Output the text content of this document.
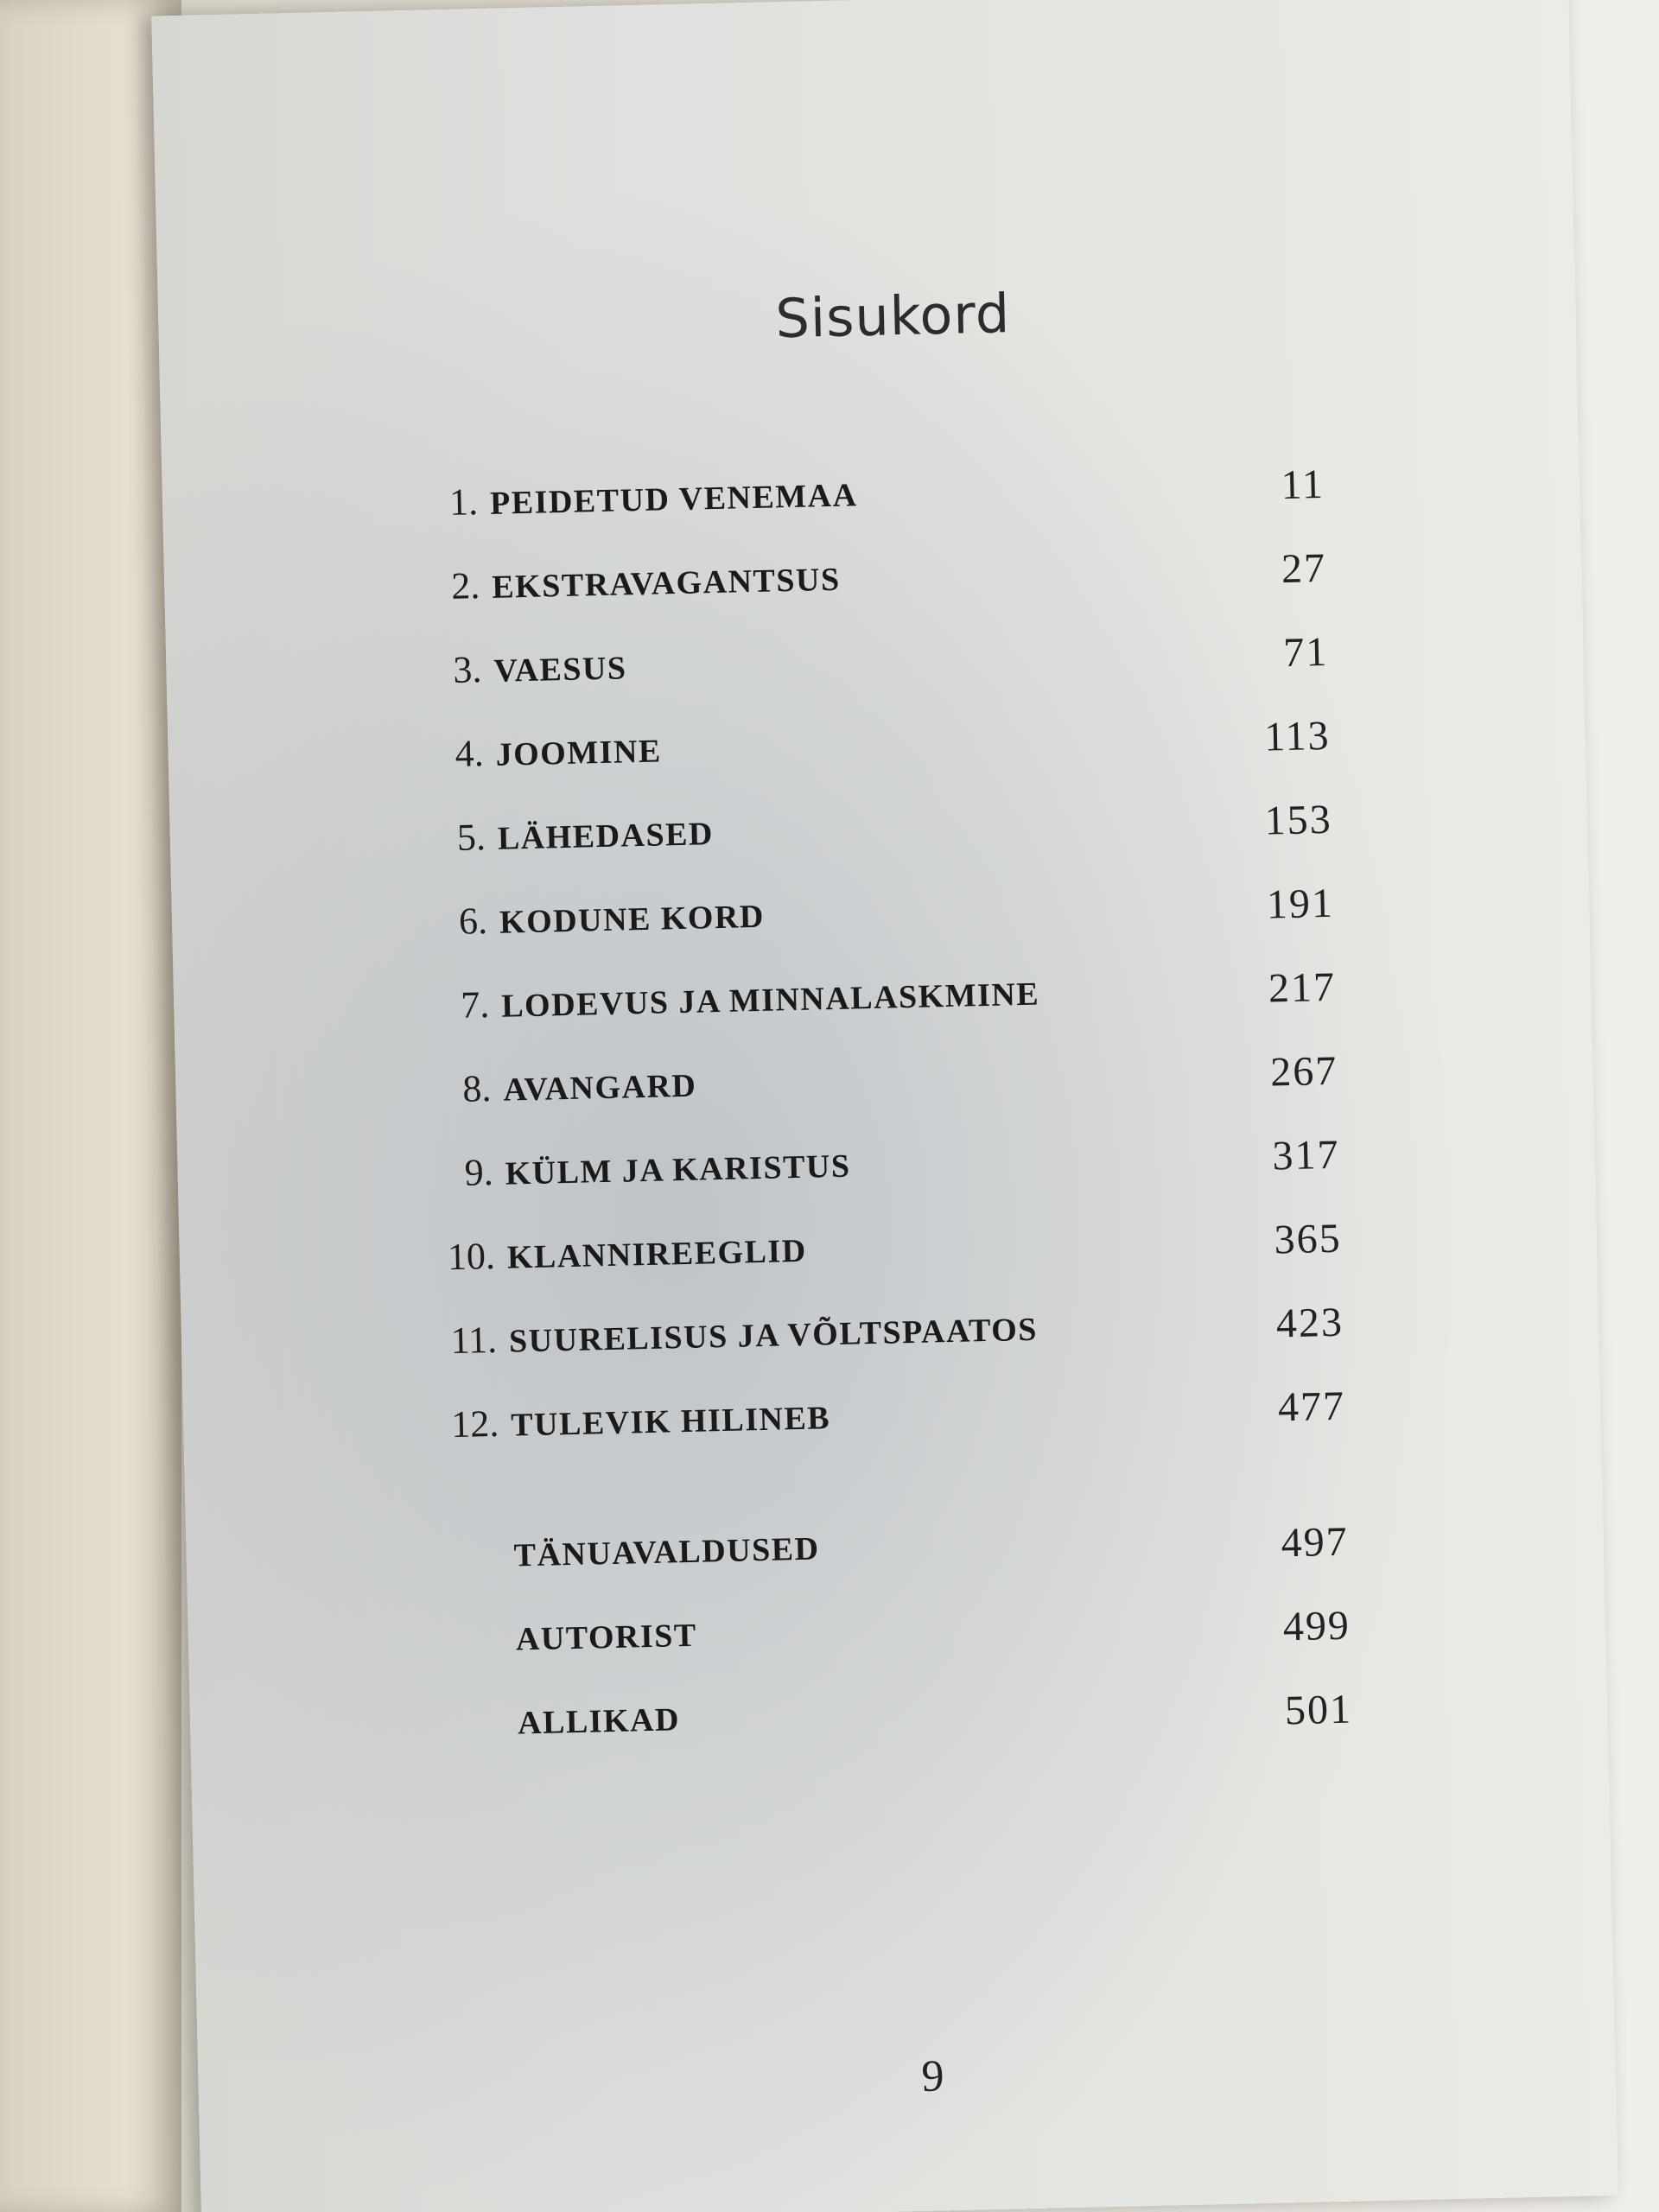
Sisukord
1. PEIDETUD VENEMAA	11
2. EKSTRAVAGANTSUS	27
3. VAESUS	71
4. JOOMINE	113
5. LÄHEDASED	153
6. KODUNE KORD	191
7. LODEVUS JA MINNALASKMINE	217
8. AVANGARD	267
9. KÜLM JA KARISTUS	317
10. KLANNIREEGLID	365
11. SUURELISUS JA VÕLTSPAATOS	423
12. TULEVIK HILINEB	477
TÄNUAVALDUSED	497
AUTORIST	499
ALLIKAD	501
9
